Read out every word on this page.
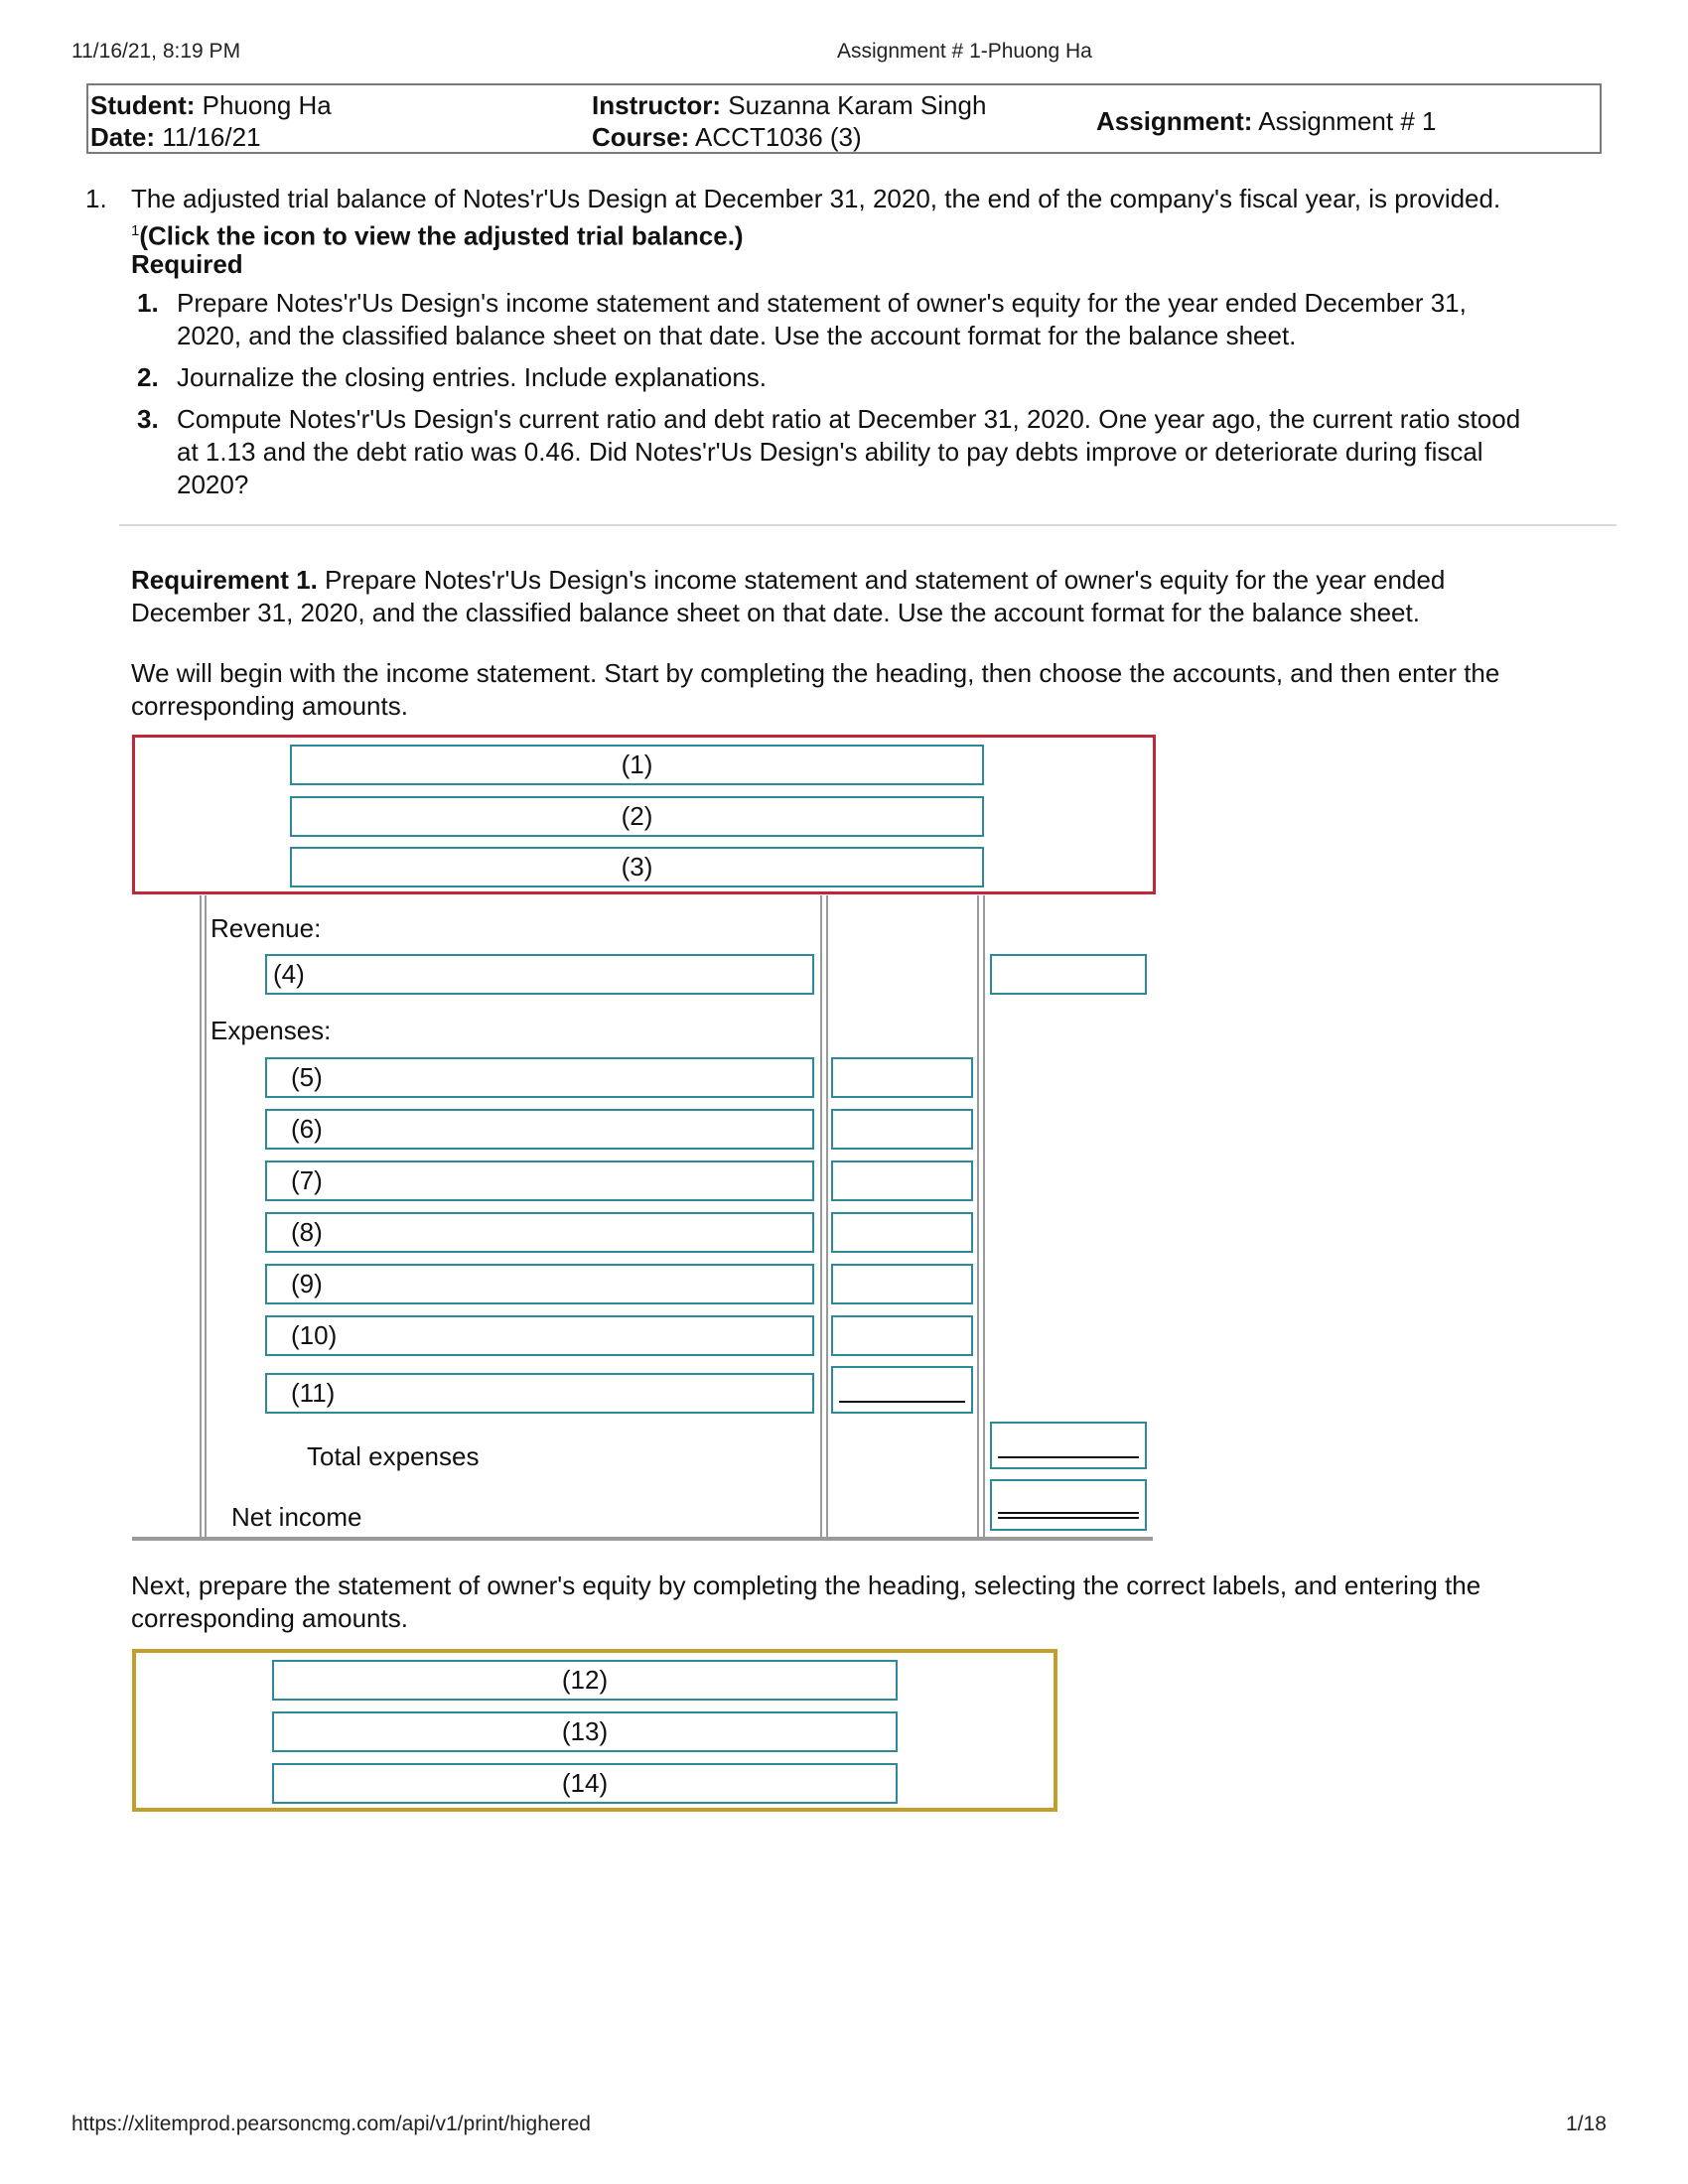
11/16/21, 8:19 PM	Assignment # 1-Phuong Ha
Student: Phuong Ha
Date: 11/16/21
Instructor: Suzanna Karam Singh
Course: ACCT1036 (3)
Assignment: Assignment # 1
1. The adjusted trial balance of Notes'r'Us Design at December 31, 2020, the end of the company's fiscal year, is provided.
$^1$(Click the icon to view the adjusted trial balance.)
Required
1. Prepare Notes'r'Us Design's income statement and statement of owner's equity for the year ended December 31,
2020, and the classified balance sheet on that date. Use the account format for the balance sheet.
2. Journalize the closing entries. Include explanations.
3. Compute Notes'r'Us Design's current ratio and debt ratio at December 31, 2020. One year ago, the current ratio stood
at 1.13 and the debt ratio was 0.46. Did Notes'r'Us Design's ability to pay debts improve or deteriorate during fiscal
2020?
Requirement 1. Prepare Notes'r'Us Design's income statement and statement of owner's equity for the year ended
December 31, 2020, and the classified balance sheet on that date. Use the account format for the balance sheet.
We will begin with the income statement. Start by completing the heading, then choose the accounts, and then enter the
corresponding amounts.
(1)
(2)
(3)
Revenue:
(4)
Expenses:
(5)
(6)
(7)
(8)
(9)
(10)
(11)
Total expenses
Net income
Next, prepare the statement of owner's equity by completing the heading, selecting the correct labels, and entering the
corresponding amounts.
(12)
(13)
(14)
https://xlitemprod.pearsoncmg.com/api/v1/print/highered	1/18
